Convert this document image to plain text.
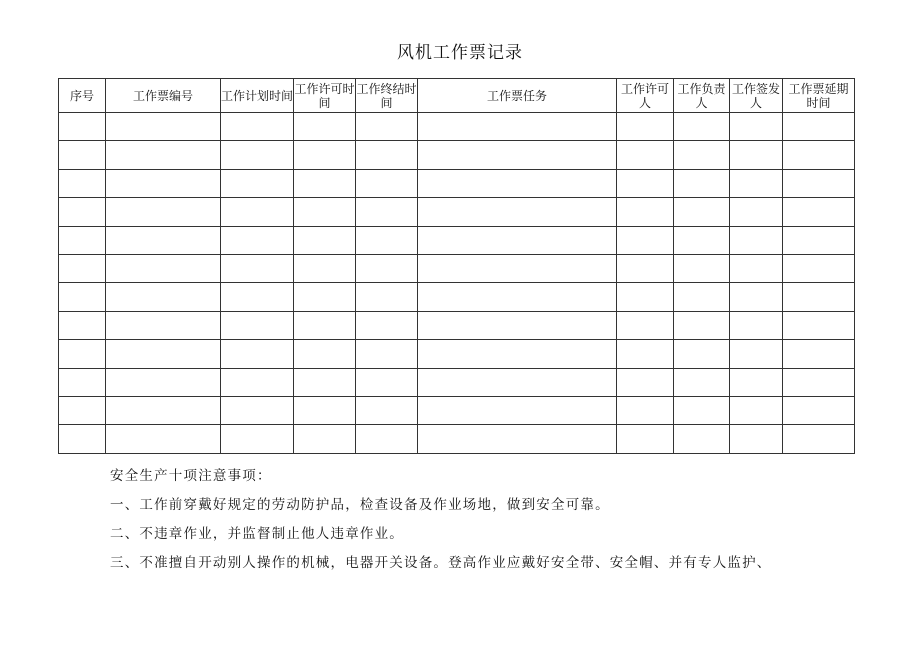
风机工作票记录
序号	工作票编号	工作计划时间	工作许可时间	工作终结时间	工作票任务	工作许可人	工作负责人	工作签发人	工作票延期时间

安全生产十项注意事项：

一、工作前穿戴好规定的劳动防护品，检查设备及作业场地，做到安全可靠。

二、不违章作业，并监督制止他人违章作业。

三、不准擅自开动别人操作的机械，电器开关设备。登高作业应戴好安全带、安全帽、并有专人监护、
